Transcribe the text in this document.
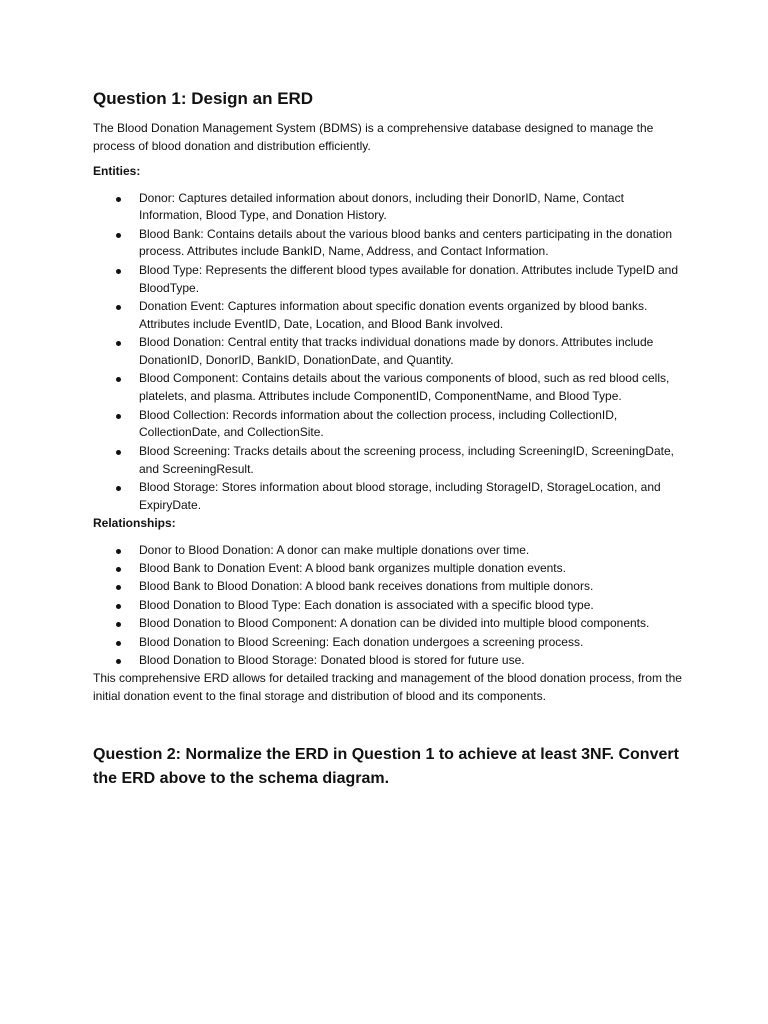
Question 1: Design an ERD

The Blood Donation Management System (BDMS) is a comprehensive database designed to manage the process of blood donation and distribution efficiently.

Entities:

Donor: Captures detailed information about donors, including their DonorID, Name, Contact Information, Blood Type, and Donation History.
Blood Bank: Contains details about the various blood banks and centers participating in the donation process. Attributes include BankID, Name, Address, and Contact Information.
Blood Type: Represents the different blood types available for donation. Attributes include TypeID and BloodType.
Donation Event: Captures information about specific donation events organized by blood banks. Attributes include EventID, Date, Location, and Blood Bank involved.
Blood Donation: Central entity that tracks individual donations made by donors. Attributes include DonationID, DonorID, BankID, DonationDate, and Quantity.
Blood Component: Contains details about the various components of blood, such as red blood cells, platelets, and plasma. Attributes include ComponentID, ComponentName, and Blood Type.
Blood Collection: Records information about the collection process, including CollectionID, CollectionDate, and CollectionSite.
Blood Screening: Tracks details about the screening process, including ScreeningID, ScreeningDate, and ScreeningResult.
Blood Storage: Stores information about blood storage, including StorageID, StorageLocation, and ExpiryDate.

Relationships:

Donor to Blood Donation: A donor can make multiple donations over time.
Blood Bank to Donation Event: A blood bank organizes multiple donation events.
Blood Bank to Blood Donation: A blood bank receives donations from multiple donors.
Blood Donation to Blood Type: Each donation is associated with a specific blood type.
Blood Donation to Blood Component: A donation can be divided into multiple blood components.
Blood Donation to Blood Screening: Each donation undergoes a screening process.
Blood Donation to Blood Storage: Donated blood is stored for future use.

This comprehensive ERD allows for detailed tracking and management of the blood donation process, from the initial donation event to the final storage and distribution of blood and its components.

Question 2: Normalize the ERD in Question 1 to achieve at least 3NF. Convert the ERD above to the schema diagram.
